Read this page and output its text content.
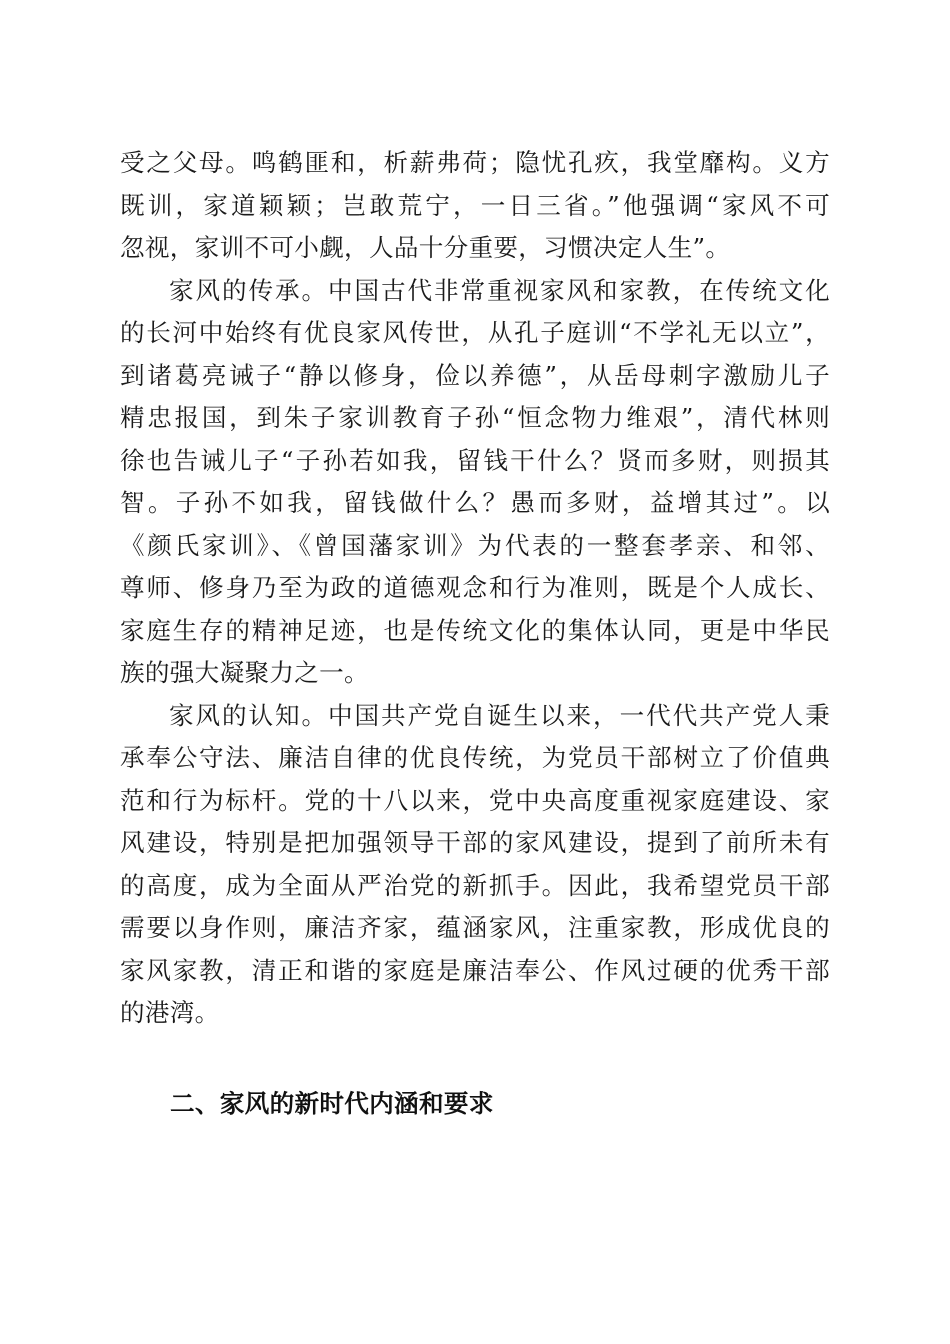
受之父母。鸣鹤匪和，析薪弗荷；隐忧孔疚，我堂靡构。义方
既训，家道颖颖；岂敢荒宁，一日三省。”他强调“家风不可
忽视，家训不可小觑，人品十分重要，习惯决定人生”。
家风的传承。中国古代非常重视家风和家教，在传统文化
的长河中始终有优良家风传世，从孔子庭训“不学礼无以立”，
到诸葛亮诫子“静以修身，俭以养德”，从岳母刺字激励儿子
精忠报国，到朱子家训教育子孙“恒念物力维艰”，清代林则
徐也告诫儿子“子孙若如我，留钱干什么？贤而多财，则损其
智。子孙不如我，留钱做什么？愚而多财，益增其过”。以
《颜氏家训》、《曾国藩家训》为代表的一整套孝亲、和邻、
尊师、修身乃至为政的道德观念和行为准则，既是个人成长、
家庭生存的精神足迹，也是传统文化的集体认同，更是中华民
族的强大凝聚力之一。
家风的认知。中国共产党自诞生以来，一代代共产党人秉
承奉公守法、廉洁自律的优良传统，为党员干部树立了价值典
范和行为标杆。党的十八以来，党中央高度重视家庭建设、家
风建设，特别是把加强领导干部的家风建设，提到了前所未有
的高度，成为全面从严治党的新抓手。因此，我希望党员干部
需要以身作则，廉洁齐家，蕴涵家风，注重家教，形成优良的
家风家教，清正和谐的家庭是廉洁奉公、作风过硬的优秀干部
的港湾。
二、家风的新时代内涵和要求
